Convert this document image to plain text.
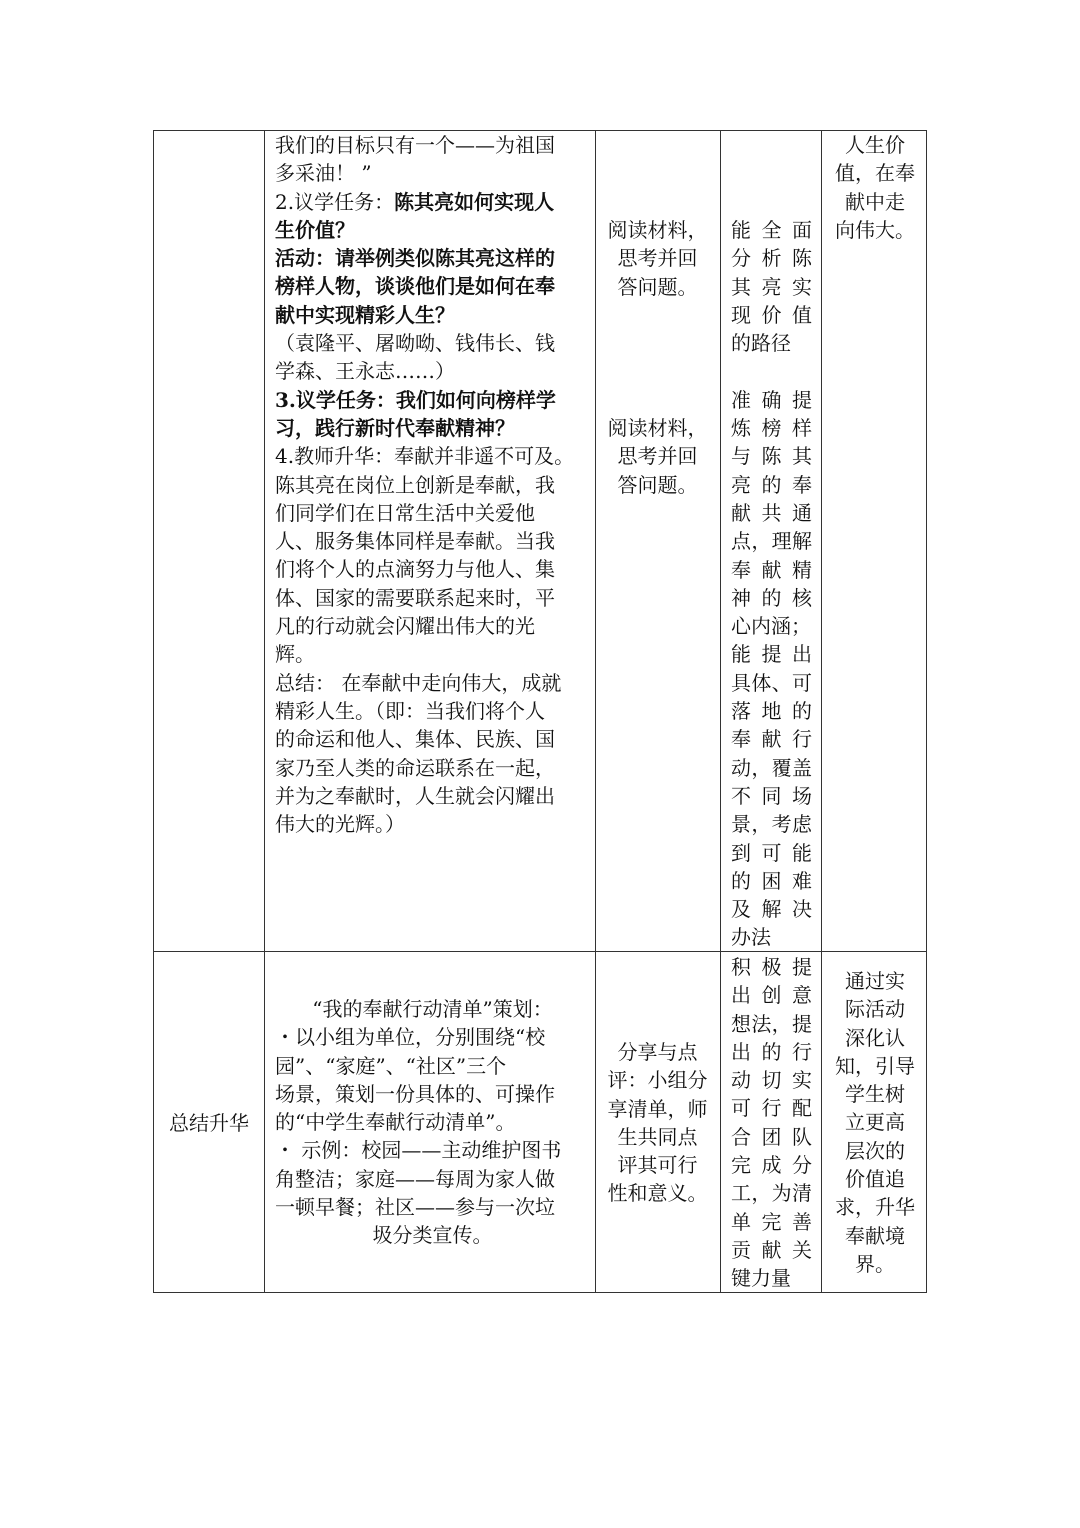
我们的目标只有一个——为祖国

多采油！ ”

2.议学任务：陈其亮如何实现人

生价值？

活动：请举例类似陈其亮这样的

榜样人物，谈谈他们是如何在奉

献中实现精彩人生？

（袁隆平、屠呦呦、钱伟长、钱

学森、王永志……）

3.议学任务：我们如何向榜样学

习，践行新时代奉献精神？

4.教师升华：奉献并非遥不可及。

陈其亮在岗位上创新是奉献，我

们同学们在日常生活中关爱他

人、服务集体同样是奉献。当我

们将个人的点滴努力与他人、集

体、国家的需要联系起来时，平

凡的行动就会闪耀出伟大的光

辉。

总结： 在奉献中走向伟大，成就

精彩人生。（即：当我们将个人

的命运和他人、集体、民族、国

家乃至人类的命运联系在一起，

并为之奉献时，人生就会闪耀出

伟大的光辉。）

阅读材料，

思考并回

答问题。

阅读材料，

思考并回

答问题。

能全面

分析陈

其亮实

现价值

的路径

准确提

炼榜样

与陈其

亮的奉

献共通

点，理解

奉献精

神的核

心内涵；

能提出

具体、可

落地的

奉献行

动，覆盖

不同场

景，考虑

到可能

的困难

及解决

办法

人生价

值，在奉

献中走

向伟大。

总结升华

“我的奉献行动清单”策划：

・以小组为单位，分别围绕“校

园”、“家庭”、“社区”三个

场景，策划一份具体的、可操作

的“中学生奉献行动清单”。

・ 示例：校园——主动维护图书

角整洁；家庭——每周为家人做

一顿早餐；社区——参与一次垃

圾分类宣传。

分享与点

评：小组分

享清单，师

生共同点

评其可行

性和意义。

积极提

出创意

想法，提

出的行

动切实

可行配

合团队

完成分

工，为清

单完善

贡献关

键力量

通过实

际活动

深化认

知，引导

学生树

立更高

层次的

价值追

求，升华

奉献境

界。
